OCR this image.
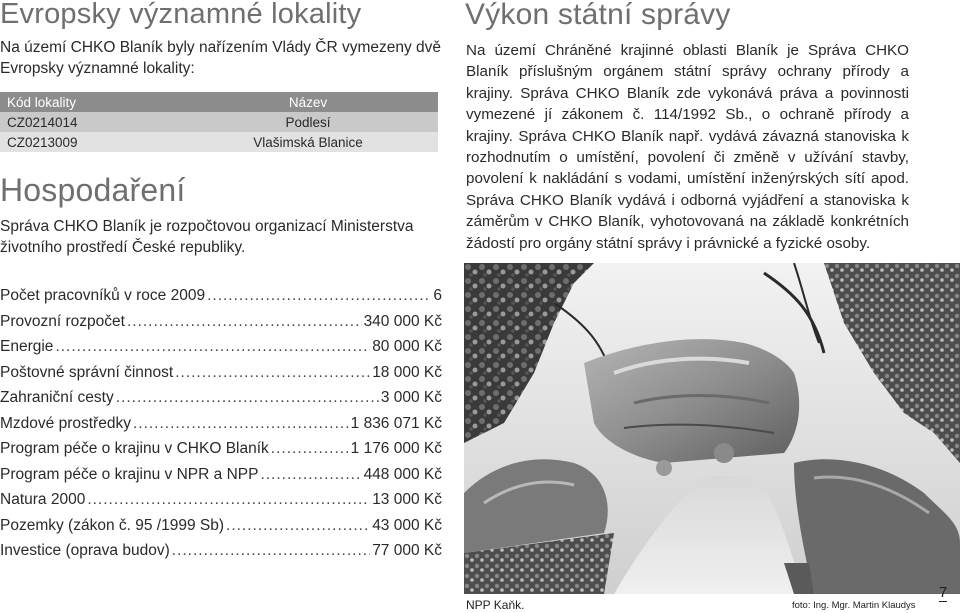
Evropsky významné lokality

Na území CHKO Blaník byly nařízením Vlády ČR vymezeny dvě Evropsky významné lokality:

Kód lokality	Název
CZ0214014	Podlesí
CZ0213009	Vlašimská Blanice
Hospodaření

Správa CHKO Blaník je rozpočtovou organizací Ministerstva životního prostředí České republiky.

Výkon státní správy

Na území Chráněné krajinné oblasti Blaník je Správa CHKO Blaník příslušným orgánem státní správy ochrany přírody a krajiny. Správa CHKO Blaník zde vykonává práva a povinnosti vymezené jí zákonem č. 114/1992 Sb., o ochraně přírody a krajiny. Správa CHKO Blaník např. vydává závazná stanoviska k rozhodnutím o umístění, povolení či změně v užívání stavby, povolení k nakládání s vodami, umístění inženýrských sítí apod. Správa CHKO Blaník vydává i odborná vyjádření a stanoviska k záměrům v CHKO Blaník, vyhotovovaná na základě konkrétních žádostí pro orgány státní správy i právnické a fyzické osoby.

Počet pracovníků v roce 2009 .....	6
Provozní rozpočet .....	340 000 Kč
Energie .....	80 000 Kč
Poštovné správní činnost .....	18 000 Kč
Zahraniční cesty .....	3 000 Kč
Mzdové prostředky .....	1 836 071 Kč
Program péče o krajinu v CHKO Blaník .....	1 176 000 Kč
Program péče o krajinu v NPR a NPP .....	448 000 Kč
Natura 2000 .....	13 000 Kč
Pozemky (zákon č. 95 /1999 Sb) .....	43 000 Kč
Investice (oprava budov) .....	77 000 Kč
NPP Kaňk.	foto: Ing. Mgr. Martin Klaudys
7
